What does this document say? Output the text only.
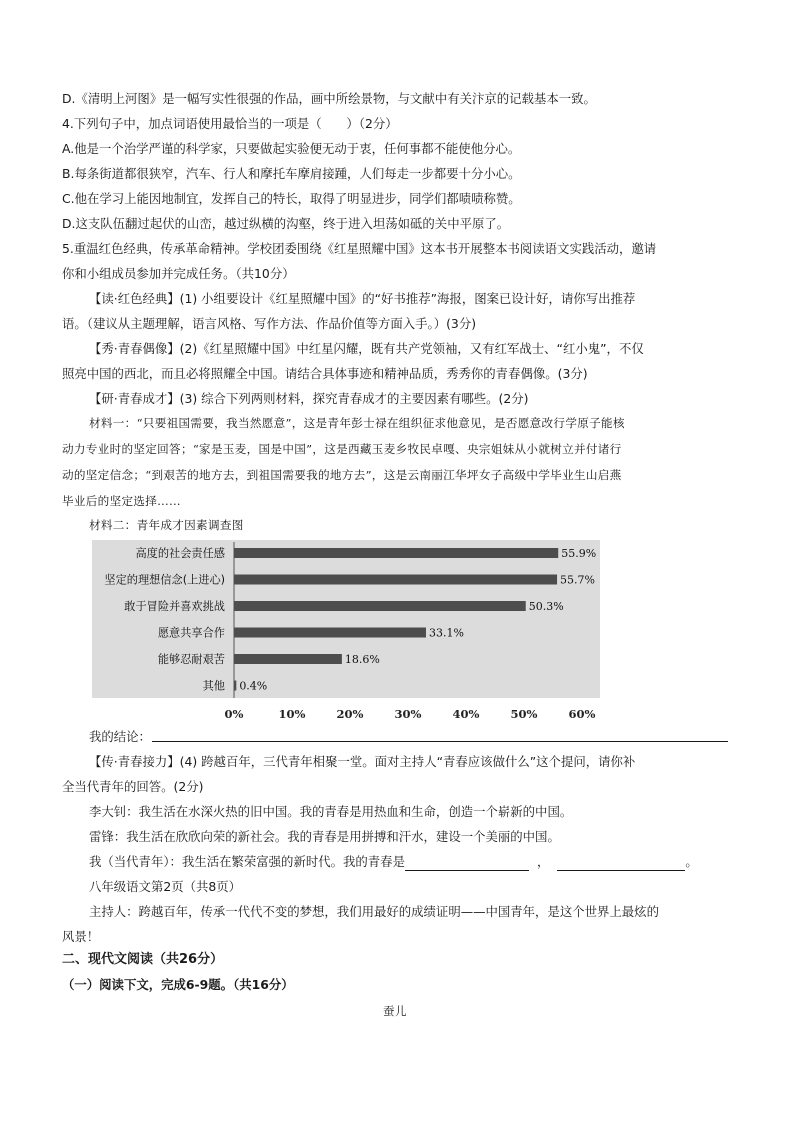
D.《清明上河图》是一幅写实性很强的作品，画中所绘景物，与文献中有关汴京的记载基本一致。
4.下列句子中，加点词语使用最恰当的一项是（　　）（2分）
A.他是一个治学严谨的科学家，只要做起实验便无动于衷，任何事都不能使他分心。
B.每条街道都很狭窄，汽车、行人和摩托车摩肩接踵，人们每走一步都要十分小心。
C.他在学习上能因地制宜，发挥自己的特长，取得了明显进步，同学们都啧啧称赞。
D.这支队伍翻过起伏的山峦，越过纵横的沟壑，终于进入坦荡如砥的关中平原了。
5.重温红色经典，传承革命精神。学校团委围绕《红星照耀中国》这本书开展整本书阅读语文实践活动，邀请
你和小组成员参加并完成任务。（共10分）
【读·红色经典】(1) 小组要设计《红星照耀中国》的“好书推荐”海报，图案已设计好，请你写出推荐
语。（建议从主题理解，语言风格、写作方法、作品价值等方面入手。）(3分)
【秀·青春偶像】(2)《红星照耀中国》中红星闪耀，既有共产党领袖，又有红军战士、“红小鬼”，不仅
照亮中国的西北，而且必将照耀全中国。请结合具体事迹和精神品质，秀秀你的青春偶像。(3分)
【研·青春成才】(3) 综合下列两则材料，探究青春成才的主要因素有哪些。(2分)
材料一：“只要祖国需要，我当然愿意”，这是青年彭士禄在组织征求他意见，是否愿意改行学原子能核
动力专业时的坚定回答；“家是玉麦，国是中国”，这是西藏玉麦乡牧民卓嘎、央宗姐妹从小就树立并付诸行
动的坚定信念；“到艰苦的地方去，到祖国需要我的地方去”，这是云南丽江华坪女子高级中学毕业生山启燕
毕业后的坚定选择……
材料二：青年成才因素调查图
高度的社会责任感	55.9%
坚定的理想信念(上进心)	55.7%
敢于冒险并喜欢挑战	50.3%
愿意共享合作	33.1%
能够忍耐艰苦	18.6%
其他 0.4%
0%	10%	20%	30%	40%	50%	60%
我的结论：
【传·青春接力】(4) 跨越百年，三代青年相聚一堂。面对主持人“青春应该做什么”这个提问，请你补
全当代青年的回答。(2分)
李大钊：我生活在水深火热的旧中国。我的青春是用热血和生命，创造一个崭新的中国。
雷锋：我生活在欣欣向荣的新社会。我的青春是用拼搏和汗水，建设一个美丽的中国。
我（当代青年）：我生活在繁荣富强的新时代。我的青春是	，	。
八年级语文第2页（共8页）
主持人：跨越百年，传承一代代不变的梦想，我们用最好的成绩证明——中国青年，是这个世界上最炫的
风景！
二、现代文阅读（共26分）
（一）阅读下文，完成6-9题。（共16分）
蚕儿
